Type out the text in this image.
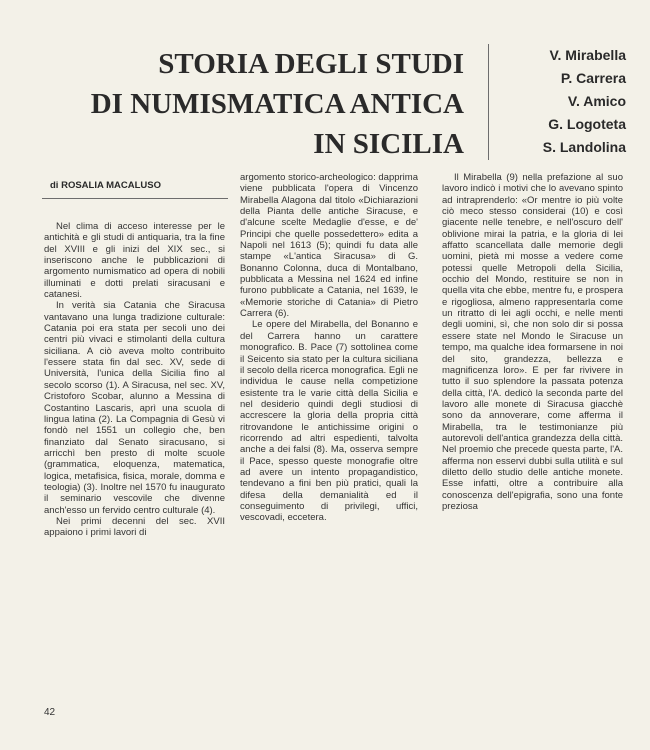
STORIA DEGLI STUDI
DI NUMISMATICA ANTICA
IN SICILIA
V. Mirabella
P. Carrera
V. Amico
G. Logoteta
S. Landolina
di ROSALIA MACALUSO

Nel clima di acceso interesse per le antichità e gli studi di antiquaria, tra la fine del XVIII e gli inizi del XIX sec., si inseriscono anche le pubblicazioni di argomento numismatico ad opera di nobili illuminati e dotti prelati siracusani e catanesi.

In verità sia Catania che Siracusa vantavano una lunga tradizione culturale: Catania poi era stata per secoli uno dei centri più vivaci e stimolanti della cultura siciliana. A ciò aveva molto contribuito l'essere stata fin dal sec. XV, sede di Università, l'unica della Sicilia fino al secolo scorso (1). A Siracusa, nel sec. XV, Cristoforo Scobar, alunno a Messina di Costantino Lascaris, aprì una scuola di lingua latina (2). La Compagnia di Gesù vi fondò nel 1551 un collegio che, ben finanziato dal Senato siracusano, si arricchì ben presto di molte scuole (grammatica, eloquenza, matematica, logica, metafisica, fisica, morale, domma e teologia) (3). Inoltre nel 1570 fu inaugurato il seminario vescovile che divenne anch'esso un fervido centro culturale (4).

Nei primi decenni del sec. XVII appaiono i primi lavori di

argomento storico-archeologico: dapprima viene pubblicata l'opera di Vincenzo Mirabella Alagona dal titolo «Dichiarazioni della Pianta delle antiche Siracuse, e d'alcune scelte Medaglie d'esse, e de' Principi che quelle possedettero» edita a Napoli nel 1613 (5); quindi fu data alle stampe «L'antica Siracusa» di G. Bonanno Colonna, duca di Montalbano, pubblicata a Messina nel 1624 ed infine furono pubblicate a Catania, nel 1639, le «Memorie storiche di Catania» di Pietro Carrera (6).

Le opere del Mirabella, del Bonanno e del Carrera hanno un carattere monografico. B. Pace (7) sottolinea come il Seicento sia stato per la cultura siciliana il secolo della ricerca monografica. Egli ne individua le cause nella competizione esistente tra le varie città della Sicilia e nel desiderio quindi degli studiosi di accrescere la gloria della propria città ritrovandone le antichissime origini o ricorrendo ad altri espedienti, talvolta anche a dei falsi (8). Ma, osserva sempre il Pace, spesso queste monografie oltre ad avere un intento propagandistico, tendevano a fini ben più pratici, quali la difesa della demanialità ed il conseguimento di privilegi, uffici, vescovadi, eccetera.

Il Mirabella (9) nella prefazione al suo lavoro indicò i motivi che lo avevano spinto ad intraprenderlo: «Or mentre io più volte ciò meco stesso considerai (10) e così giacente nelle tenebre, e nell'oscuro dell' oblivione mirai la patria, e la gloria di lei affatto scancellata dalle memorie degli uomini, pietà mi mosse a vedere come potessi quelle Metropoli della Sicilia, occhio del Mondo, restituire se non in quella vita che ebbe, mentre fu, e prospera e rigogliosa, almeno rappresentarla come un ritratto di lei agli occhi, e nelle menti degli uomini, sì, che non solo dir si possa essere state nel Mondo le Siracuse un tempo, ma qualche idea formarsene in noi del sito, grandezza, bellezza e magnificenza loro». E per far rivivere in tutto il suo splendore la passata potenza della città, l'A. dedicò la seconda parte del lavoro alle monete di Siracusa giacchè sono da annoverare, come afferma il Mirabella, tra le testimonianze più autorevoli dell'antica grandezza della città. Nel proemio che precede questa parte, l'A. afferma non esservi dubbi sulla utilità e sul diletto dello studio delle antiche monete. Esse infatti, oltre a contribuire alla conoscenza dell'epigrafia, sono una fonte preziosa

42
